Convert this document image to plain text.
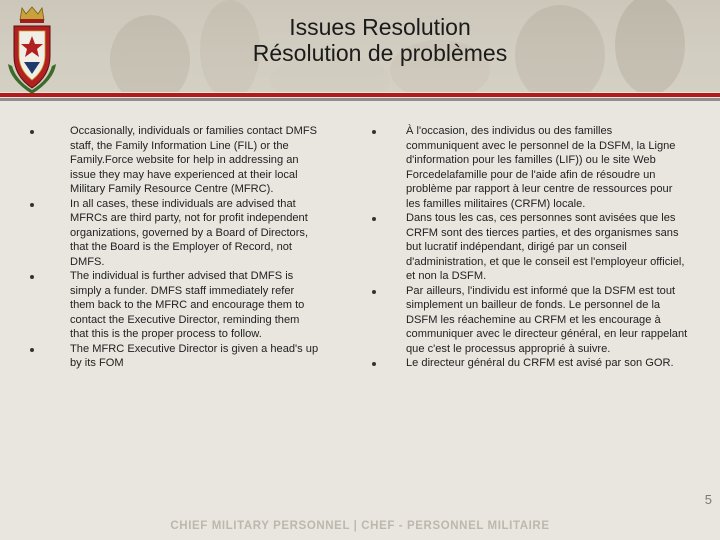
Issues Resolution
Résolution de problèmes
Occasionally, individuals or families contact DMFS staff, the Family Information Line (FIL) or the Family.Force website for help in addressing an issue they may have experienced at their local Military Family Resource Centre (MFRC).
In all cases, these individuals are advised that MFRCs are third party, not for profit independent organizations, governed by a Board of Directors, that the Board is the Employer of Record, not DMFS.
The individual is further advised that DMFS is simply a funder. DMFS staff immediately refer them back to the MFRC and encourage them to contact the Executive Director, reminding them that this is the proper process to follow.
The MFRC Executive Director is given a head's up by its FOM
À l'occasion, des individus ou des familles communiquent avec le personnel de la DSFM, la Ligne d'information pour les familles (LIF)) ou le site Web Forcedelafamille pour de l'aide afin de résoudre un problème par rapport à leur centre de ressources pour les familles militaires (CRFM) locale.
Dans tous les cas, ces personnes sont avisées que les CRFM sont des tierces parties, et des organismes sans but lucratif indépendant, dirigé par un conseil d'administration, et que le conseil est l'employeur officiel, et non la DSFM.
Par ailleurs, l'individu est informé que la DSFM est tout simplement un bailleur de fonds. Le personnel de la DSFM les réachemine au CRFM et les encourage à communiquer avec le directeur général, en leur rappelant que c'est le processus approprié à suivre.
Le directeur général du CRFM est avisé par son GOR.
5
CHIEF MILITARY PERSONNEL | CHEF - PERSONNEL MILITAIRE
